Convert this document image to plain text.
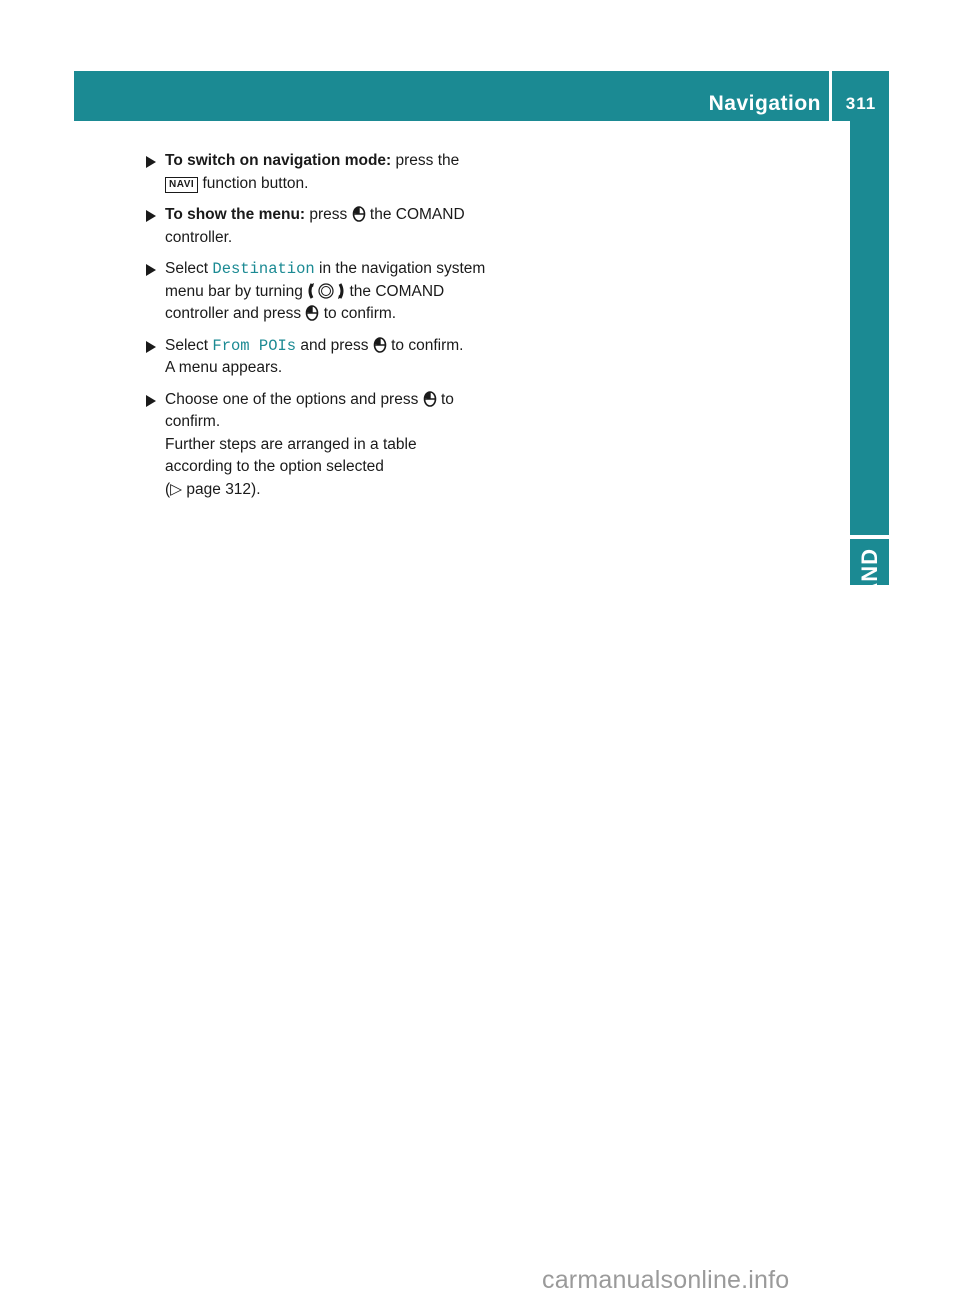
Navigation	311
COMAND
To switch on navigation mode: press the
NAVI function button.
To show the menu: press  the COMAND controller.
Select Destination in the navigation system menu bar by turning  the COMAND controller and press  to confirm.
Select From POIs and press  to confirm.
A menu appears.
Choose one of the options and press  to confirm.
Further steps are arranged in a table according to the option selected
(▷ page 312).
carmanualsonline.info
